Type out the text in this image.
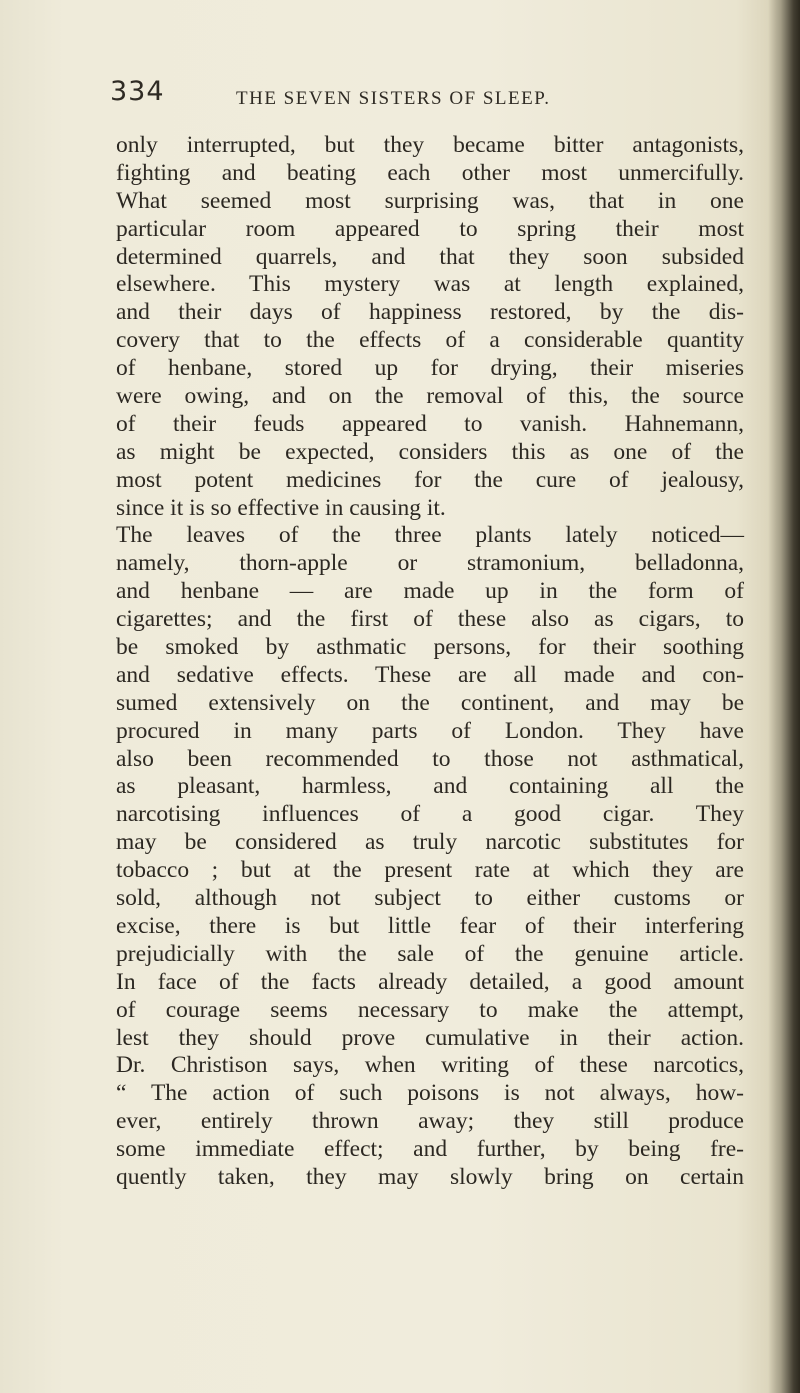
334	THE SEVEN SISTERS OF SLEEP.
only interrupted, but they became bitter antagonists,
fighting and beating each other most unmercifully.
What seemed most surprising was, that in one
particular room appeared to spring their most
determined quarrels, and that they soon subsided
elsewhere. This mystery was at length explained,
and their days of happiness restored, by the dis-
covery that to the effects of a considerable quantity
of henbane, stored up for drying, their miseries
were owing, and on the removal of this, the source
of their feuds appeared to vanish. Hahnemann,
as might be expected, considers this as one of the
most potent medicines for the cure of jealousy,
since it is so effective in causing it.
The leaves of the three plants lately noticed—
namely, thorn-apple or stramonium, belladonna,
and henbane — are made up in the form of
cigarettes; and the first of these also as cigars, to
be smoked by asthmatic persons, for their soothing
and sedative effects. These are all made and con-
sumed extensively on the continent, and may be
procured in many parts of London. They have
also been recommended to those not asthmatical,
as pleasant, harmless, and containing all the
narcotising influences of a good cigar. They
may be considered as truly narcotic substitutes for
tobacco ; but at the present rate at which they are
sold, although not subject to either customs or
excise, there is but little fear of their interfering
prejudicially with the sale of the genuine article.
In face of the facts already detailed, a good amount
of courage seems necessary to make the attempt,
lest they should prove cumulative in their action.
Dr. Christison says, when writing of these narcotics,
“ The action of such poisons is not always, how-
ever, entirely thrown away; they still produce
some immediate effect; and further, by being fre-
quently taken, they may slowly bring on certain
